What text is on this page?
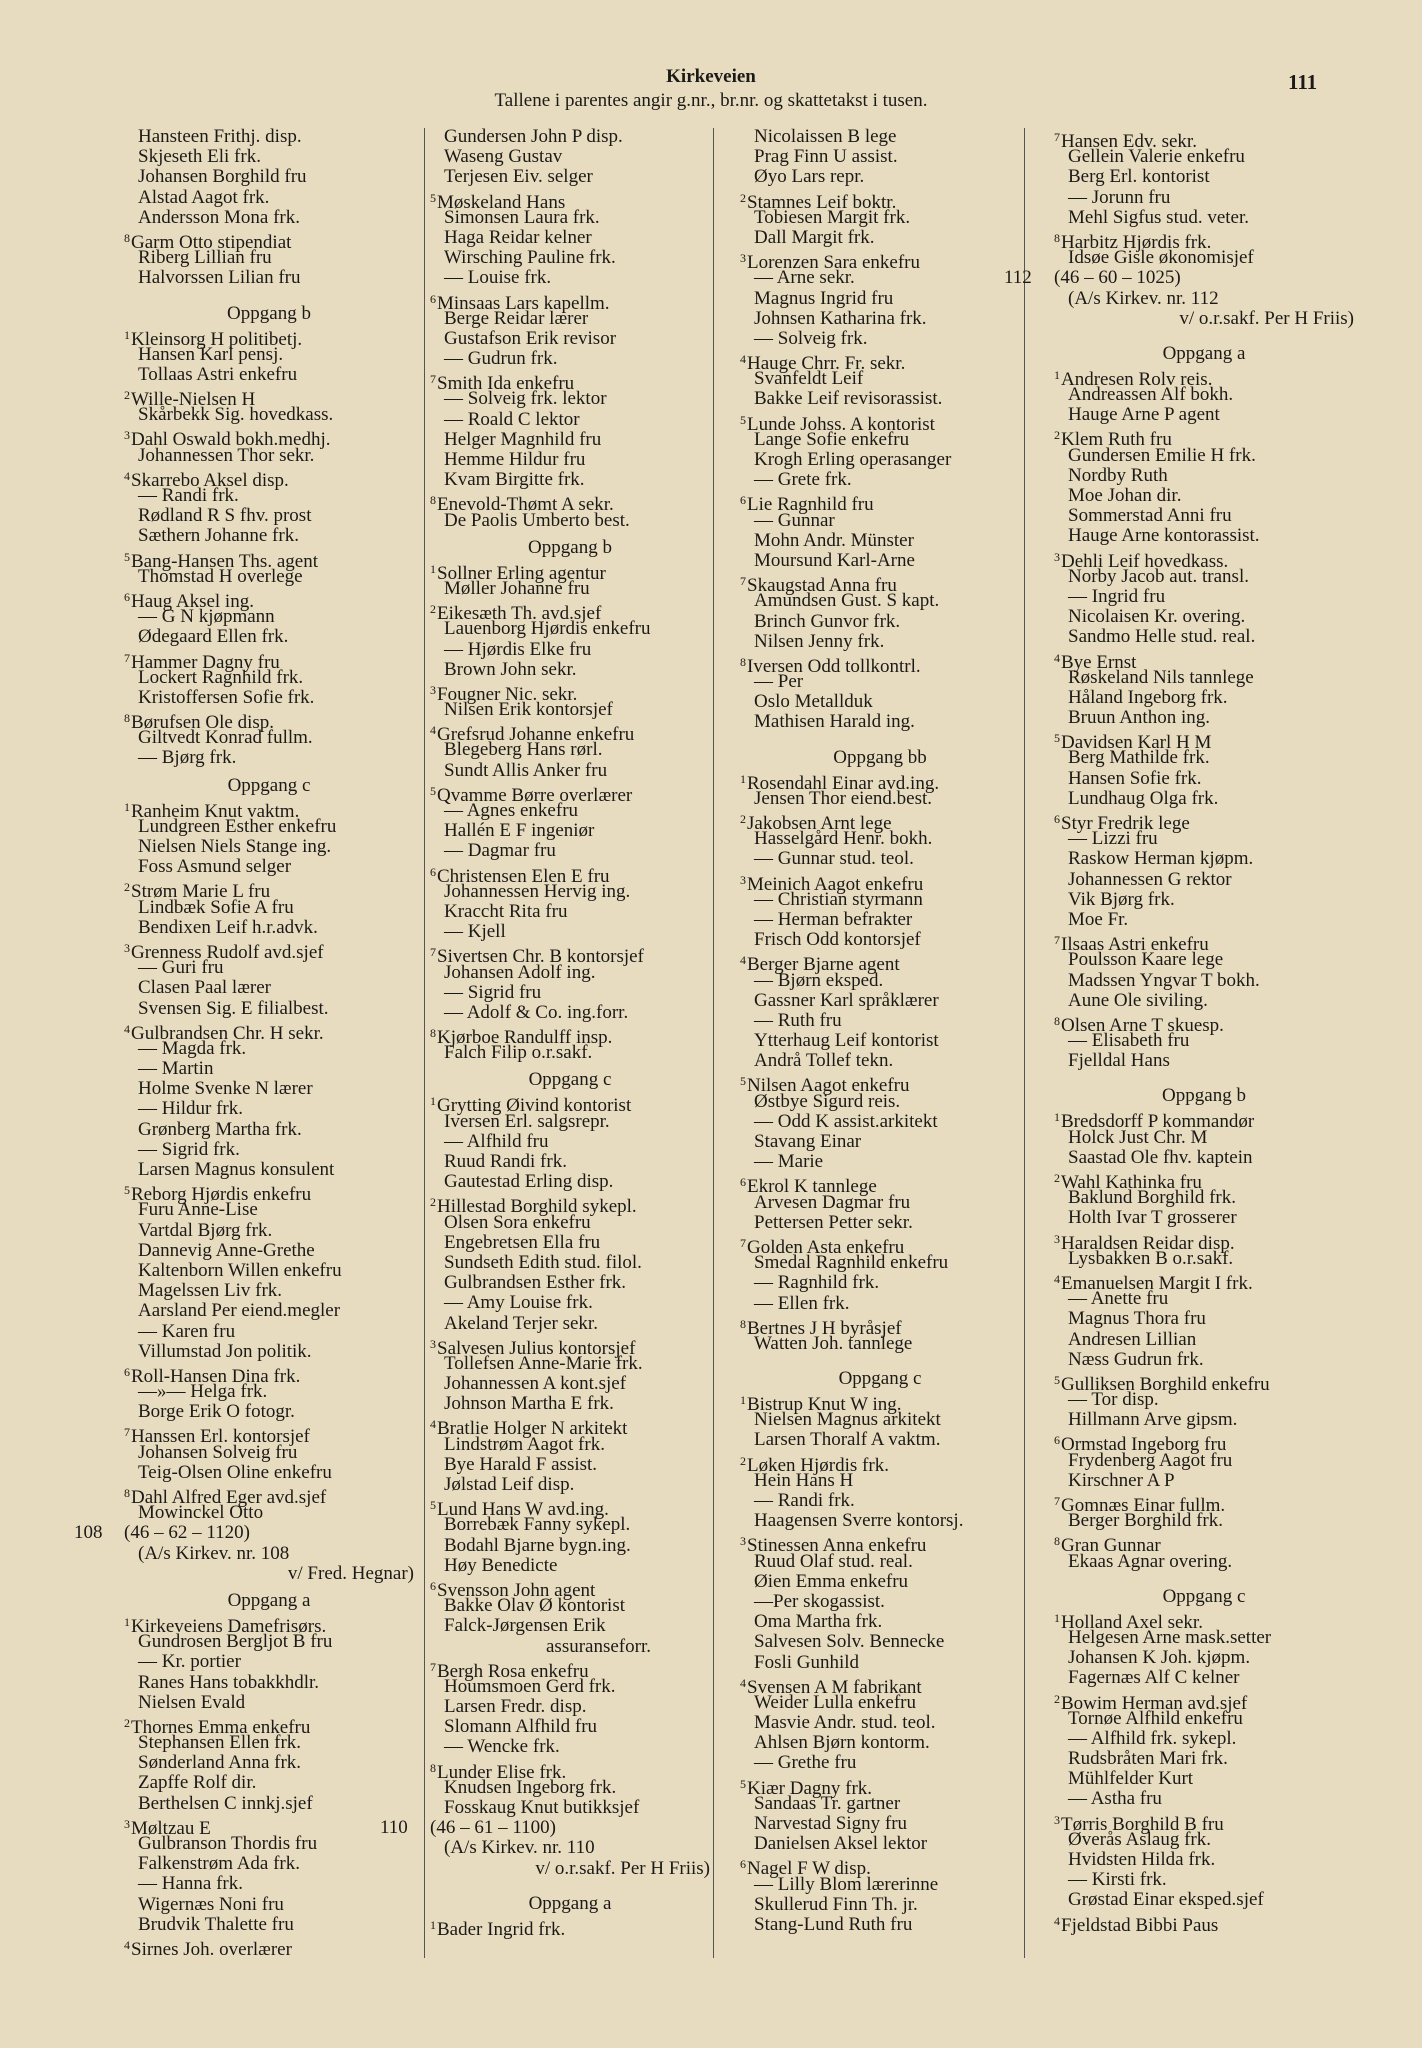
Kirkeveien
Tallene i parentes angir g.nr., br.nr. og skattetakst i tusen.
111
Hansteen Frithj. disp.
Skjeseth Eli frk.
Johansen Borghild fru
Alstad Aagot frk.
Andersson Mona frk.
$^8$Garm Otto stipendiat
Riberg Lillian fru
Halvorssen Lilian fru
Oppgang b
$^1$Kleinsorg H politibetj.
Hansen Karl pensj.
Tollaas Astri enkefru
$^2$Wille-Nielsen H
Skårbekk Sig. hovedkass.
$^3$Dahl Oswald bokh.medhj.
Johannessen Thor sekr.
$^4$Skarrebo Aksel disp.
— Randi frk.
Rødland R S fhv. prost
Sæthern Johanne frk.
$^5$Bang-Hansen Ths. agent
Thomstad H overlege
$^6$Haug Aksel ing.
— G N kjøpmann
Ødegaard Ellen frk.
$^7$Hammer Dagny fru
Lockert Ragnhild frk.
Kristoffersen Sofie frk.
$^8$Børufsen Ole disp.
Giltvedt Konrad fullm.
— Bjørg frk.
Oppgang c
$^1$Ranheim Knut vaktm.
Lundgreen Esther enkefru
Nielsen Niels Stange ing.
Foss Asmund selger
$^2$Strøm Marie L fru
Lindbæk Sofie A fru
Bendixen Leif h.r.advk.
$^3$Grenness Rudolf avd.sjef
— Guri fru
Clasen Paal lærer
Svensen Sig. E filialbest.
$^4$Gulbrandsen Chr. H sekr.
— Magda frk.
— Martin
Holme Svenke N lærer
— Hildur frk.
Grønberg Martha frk.
— Sigrid frk.
Larsen Magnus konsulent
$^5$Reborg Hjørdis enkefru
Furu Anne-Lise
Vartdal Bjørg frk.
Dannevig Anne-Grethe
Kaltenborn Willen enkefru
Magelssen Liv frk.
Aarsland Per eiend.megler
— Karen fru
Villumstad Jon politik.
$^6$Roll-Hansen Dina frk.
—»— Helga frk.
Borge Erik O fotogr.
$^7$Hanssen Erl. kontorsjef
Johansen Solveig fru
Teig-Olsen Oline enkefru
$^8$Dahl Alfred Eger avd.sjef
Mowinckel Otto
108 (46 – 62 – 1120)
(A/s Kirkev. nr. 108
v/ Fred. Hegnar)
Oppgang a
$^1$Kirkeveiens Damefrisørs.
Gundrosen Bergljot B fru
— Kr. portier
Ranes Hans tobakkhdlr.
Nielsen Evald
$^2$Thornes Emma enkefru
Stephansen Ellen frk.
Sønderland Anna frk.
Zapffe Rolf dir.
Berthelsen C innkj.sjef
$^3$Møltzau E
Gulbranson Thordis fru
Falkenstrøm Ada frk.
— Hanna frk.
Wigernæs Noni fru
Brudvik Thalette fru
$^4$Sirnes Joh. overlærer
Gundersen John P disp.
Waseng Gustav
Terjesen Eiv. selger
$^5$Møskeland Hans
Simonsen Laura frk.
Haga Reidar kelner
Wirsching Pauline frk.
— Louise frk.
$^6$Minsaas Lars kapellm.
Berge Reidar lærer
Gustafson Erik revisor
— Gudrun frk.
$^7$Smith Ida enkefru
— Solveig frk. lektor
— Roald C lektor
Helger Magnhild fru
Hemme Hildur fru
Kvam Birgitte frk.
$^8$Enevold-Thømt A sekr.
De Paolis Umberto best.
Oppgang b
$^1$Sollner Erling agentur
Møller Johanne fru
$^2$Eikesæth Th. avd.sjef
Lauenborg Hjørdis enkefru
— Hjørdis Elke fru
Brown John sekr.
$^3$Fougner Nic. sekr.
Nilsen Erik kontorsjef
$^4$Grefsrud Johanne enkefru
Blegeberg Hans rørl.
Sundt Allis Anker fru
$^5$Qvamme Børre overlærer
— Agnes enkefru
Hallén E F ingeniør
— Dagmar fru
$^6$Christensen Elen E fru
Johannessen Hervig ing.
Kraccht Rita fru
— Kjell
$^7$Sivertsen Chr. B kontorsjef
Johansen Adolf ing.
— Sigrid fru
— Adolf & Co. ing.forr.
$^8$Kjørboe Randulff insp.
Falch Filip o.r.sakf.
Oppgang c
$^1$Grytting Øivind kontorist
Iversen Erl. salgsrepr.
— Alfhild fru
Ruud Randi frk.
Gautestad Erling disp.
$^2$Hillestad Borghild sykepl.
Olsen Sora enkefru
Engebretsen Ella fru
Sundseth Edith stud. filol.
Gulbrandsen Esther frk.
— Amy Louise frk.
Akeland Terjer sekr.
$^3$Salvesen Julius kontorsjef
Tollefsen Anne-Marie frk.
Johannessen A kont.sjef
Johnson Martha E frk.
$^4$Bratlie Holger N arkitekt
Lindstrøm Aagot frk.
Bye Harald F assist.
Jølstad Leif disp.
$^5$Lund Hans W avd.ing.
Borrebæk Fanny sykepl.
Bodahl Bjarne bygn.ing.
Høy Benedicte
$^6$Svensson John agent
Bakke Olav Ø kontorist
Falck-Jørgensen Erik
assuranseforr.
$^7$Bergh Rosa enkefru
Houmsmoen Gerd frk.
Larsen Fredr. disp.
Slomann Alfhild fru
— Wencke frk.
$^8$Lunder Elise frk.
Knudsen Ingeborg frk.
Fosskaug Knut butikksjef
110 (46 – 61 – 1100)
(A/s Kirkev. nr. 110
v/ o.r.sakf. Per H Friis)
Oppgang a
$^1$Bader Ingrid frk.
Nicolaissen B lege
Prag Finn U assist.
Øyo Lars repr.
$^2$Stamnes Leif boktr.
Tobiesen Margit frk.
Dall Margit frk.
$^3$Lorenzen Sara enkefru
— Arne sekr.
Magnus Ingrid fru
Johnsen Katharina frk.
— Solveig frk.
$^4$Hauge Chrr. Fr. sekr.
Svanfeldt Leif
Bakke Leif revisorassist.
$^5$Lunde Johss. A kontorist
Lange Sofie enkefru
Krogh Erling operasanger
— Grete frk.
$^6$Lie Ragnhild fru
— Gunnar
Mohn Andr. Münster
Moursund Karl-Arne
$^7$Skaugstad Anna fru
Amundsen Gust. S kapt.
Brinch Gunvor frk.
Nilsen Jenny frk.
$^8$Iversen Odd tollkontrl.
— Per
Oslo Metallduk
Mathisen Harald ing.
Oppgang bb
$^1$Rosendahl Einar avd.ing.
Jensen Thor eiend.best.
$^2$Jakobsen Arnt lege
Hasselgård Henr. bokh.
— Gunnar stud. teol.
$^3$Meinich Aagot enkefru
— Christian styrmann
— Herman befrakter
Frisch Odd kontorsjef
$^4$Berger Bjarne agent
— Bjørn eksped.
Gassner Karl språklærer
— Ruth fru
Ytterhaug Leif kontorist
Andrå Tollef tekn.
$^5$Nilsen Aagot enkefru
Østbye Sigurd reis.
— Odd K assist.arkitekt
Stavang Einar
— Marie
$^6$Ekrol K tannlege
Arvesen Dagmar fru
Pettersen Petter sekr.
$^7$Golden Asta enkefru
Smedal Ragnhild enkefru
— Ragnhild frk.
— Ellen frk.
$^8$Bertnes J H byråsjef
Watten Joh. tannlege
Oppgang c
$^1$Bistrup Knut W ing.
Nielsen Magnus arkitekt
Larsen Thoralf A vaktm.
$^2$Løken Hjørdis frk.
Hein Hans H
— Randi frk.
Haagensen Sverre kontorsj.
$^3$Stinessen Anna enkefru
Ruud Olaf stud. real.
Øien Emma enkefru
—Per skogassist.
Oma Martha frk.
Salvesen Solv. Bennecke
Fosli Gunhild
$^4$Svensen A M fabrikant
Weider Lulla enkefru
Masvie Andr. stud. teol.
Ahlsen Bjørn kontorm.
— Grethe fru
$^5$Kiær Dagny frk.
Sandaas Tr. gartner
Narvestad Signy fru
Danielsen Aksel lektor
$^6$Nagel F W disp.
— Lilly Blom lærerinne
Skullerud Finn Th. jr.
Stang-Lund Ruth fru
$^7$Hansen Edv. sekr.
Gellein Valerie enkefru
Berg Erl. kontorist
— Jorunn fru
Mehl Sigfus stud. veter.
$^8$Harbitz Hjørdis frk.
Idsøe Gisle økonomisjef
112 (46 – 60 – 1025)
(A/s Kirkev. nr. 112
v/ o.r.sakf. Per H Friis)
Oppgang a
$^1$Andresen Rolv reis.
Andreassen Alf bokh.
Hauge Arne P agent
$^2$Klem Ruth fru
Gundersen Emilie H frk.
Nordby Ruth
Moe Johan dir.
Sommerstad Anni fru
Hauge Arne kontorassist.
$^3$Dehli Leif hovedkass.
Norby Jacob aut. transl.
— Ingrid fru
Nicolaisen Kr. overing.
Sandmo Helle stud. real.
$^4$Bye Ernst
Røskeland Nils tannlege
Håland Ingeborg frk.
Bruun Anthon ing.
$^5$Davidsen Karl H M
Berg Mathilde frk.
Hansen Sofie frk.
Lundhaug Olga frk.
$^6$Styr Fredrik lege
— Lizzi fru
Raskow Herman kjøpm.
Johannessen G rektor
Vik Bjørg frk.
Moe Fr.
$^7$Ilsaas Astri enkefru
Poulsson Kaare lege
Madssen Yngvar T bokh.
Aune Ole siviling.
$^8$Olsen Arne T skuesp.
— Elisabeth fru
Fjelldal Hans
Oppgang b
$^1$Bredsdorff P kommandør
Holck Just Chr. M
Saastad Ole fhv. kaptein
$^2$Wahl Kathinka fru
Baklund Borghild frk.
Holth Ivar T grosserer
$^3$Haraldsen Reidar disp.
Lysbakken B o.r.sakf.
$^4$Emanuelsen Margit I frk.
— Anette fru
Magnus Thora fru
Andresen Lillian
Næss Gudrun frk.
$^5$Gulliksen Borghild enkefru
— Tor disp.
Hillmann Arve gipsm.
$^6$Ormstad Ingeborg fru
Frydenberg Aagot fru
Kirschner A P
$^7$Gomnæs Einar fullm.
Berger Borghild frk.
$^8$Gran Gunnar
Ekaas Agnar overing.
Oppgang c
$^1$Holland Axel sekr.
Helgesen Arne mask.setter
Johansen K Joh. kjøpm.
Fagernæs Alf C kelner
$^2$Bowim Herman avd.sjef
Tornøe Alfhild enkefru
— Alfhild frk. sykepl.
Rudsbråten Mari frk.
Mühlfelder Kurt
— Astha fru
$^3$Tørris Borghild B fru
Øverås Aslaug frk.
Hvidsten Hilda frk.
— Kirsti frk.
Grøstad Einar eksped.sjef
$^4$Fjeldstad Bibbi Paus
